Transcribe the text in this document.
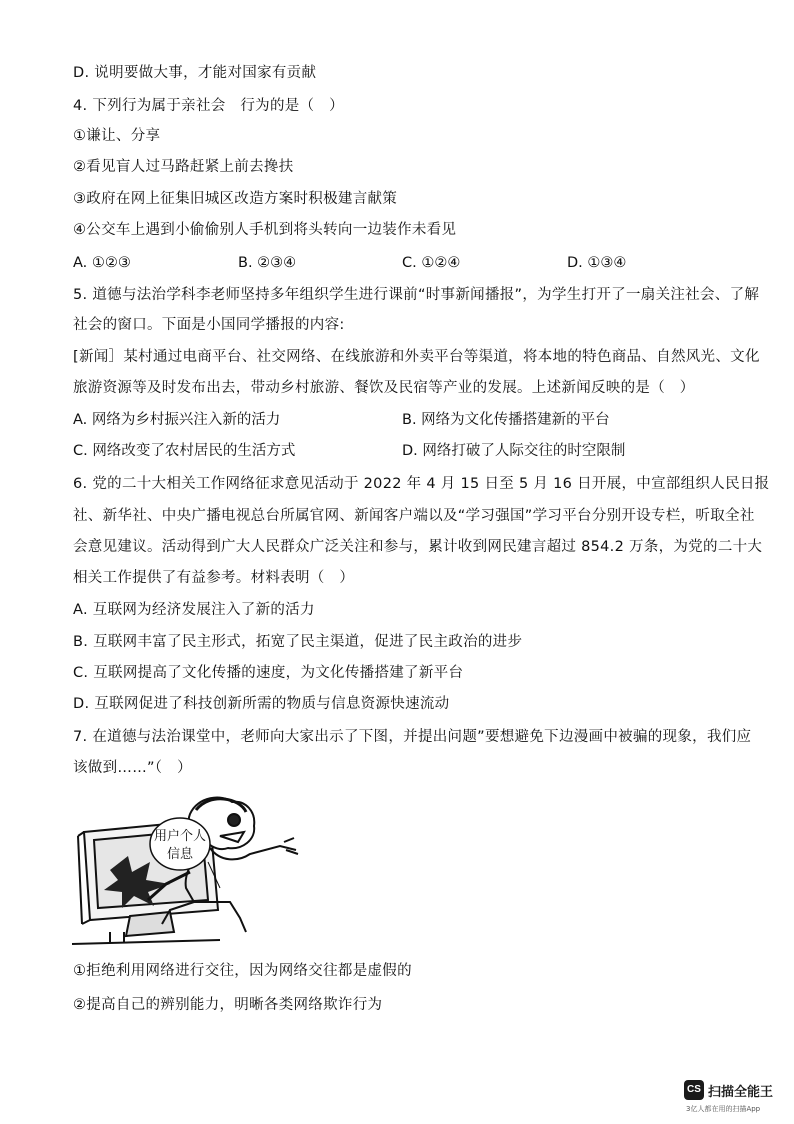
D. 说明要做大事，才能对国家有贡献
4. 下列行为属于亲社会　行为的是（　）
①谦让、分享
②看见盲人过马路赶紧上前去搀扶
③政府在网上征集旧城区改造方案时积极建言献策
④公交车上遇到小偷偷别人手机到将头转向一边装作未看见
A. ①②③	B. ②③④	C. ①②④	D. ①③④
5. 道德与法治学科李老师坚持多年组织学生进行课前“时事新闻播报”，为学生打开了一扇关注社会、了解
社会的窗口。下面是小国同学播报的内容:
[新闻］某村通过电商平台、社交网络、在线旅游和外卖平台等渠道，将本地的特色商品、自然风光、文化
旅游资源等及时发布出去，带动乡村旅游、餐饮及民宿等产业的发展。上述新闻反映的是（　）
A. 网络为乡村振兴注入新的活力	B. 网络为文化传播搭建新的平台
C. 网络改变了农村居民的生活方式	D. 网络打破了人际交往的时空限制
6. 党的二十大相关工作网络征求意见活动于 2022 年 4 月 15 日至 5 月 16 日开展，中宣部组织人民日报
社、新华社、中央广播电视总台所属官网、新闻客户端以及“学习强国”学习平台分别开设专栏，听取全社
会意见建议。活动得到广大人民群众广泛关注和参与，累计收到网民建言超过 854.2 万条，为党的二十大
相关工作提供了有益参考。材料表明（　）
A. 互联网为经济发展注入了新的活力
B. 互联网丰富了民主形式，拓宽了民主渠道，促进了民主政治的进步
C. 互联网提高了文化传播的速度，为文化传播搭建了新平台
D. 互联网促进了科技创新所需的物质与信息资源快速流动
7. 在道德与法治课堂中，老师向大家出示了下图，并提出问题”要想避免下边漫画中被骗的现象，我们应
该做到……”（　）
用户个人
信息
①拒绝利用网络进行交往，因为网络交往都是虚假的
②提高自己的辨别能力，明晰各类网络欺诈行为
CS 扫描全能王
3亿人都在用的扫描App
